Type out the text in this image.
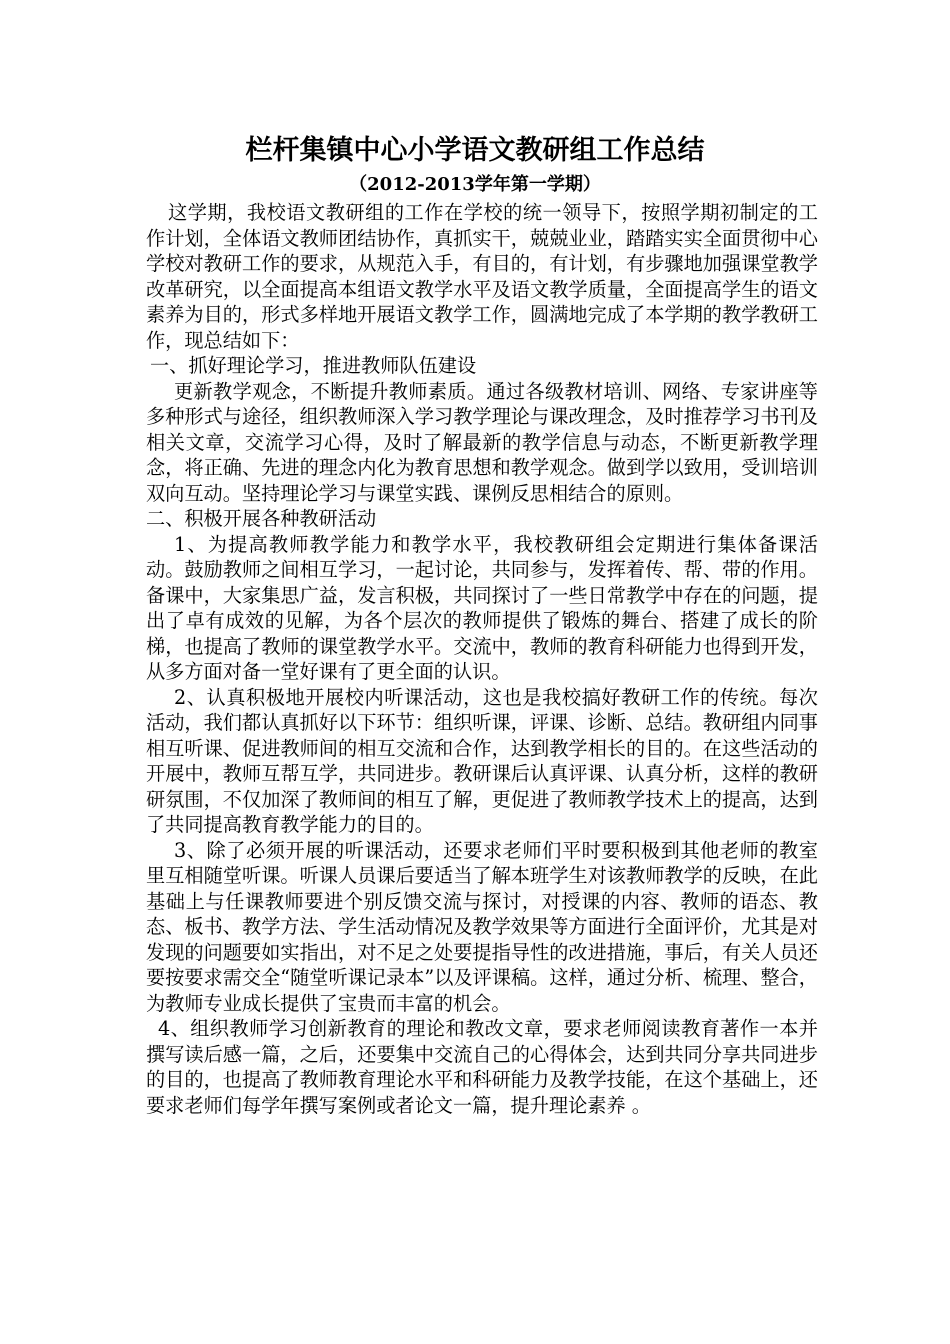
栏杆集镇中心小学语文教研组工作总结
（2012-2013学年第一学期）

这学期，我校语文教研组的工作在学校的统一领导下，按照学期初制定的工作计划，全体语文教师团结协作，真抓实干，兢兢业业，踏踏实实全面贯彻中心学校对教研工作的要求，从规范入手，有目的，有计划，有步骤地加强课堂教学改革研究，以全面提高本组语文教学水平及语文教学质量，全面提高学生的语文素养为目的，形式多样地开展语文教学工作，圆满地完成了本学期的教学教研工作，现总结如下：

一、抓好理论学习，推进教师队伍建设

更新教学观念，不断提升教师素质。通过各级教材培训、网络、专家讲座等多种形式与途径，组织教师深入学习教学理论与课改理念，及时推荐学习书刊及相关文章，交流学习心得，及时了解最新的教学信息与动态，不断更新教学理念，将正确、先进的理念内化为教育思想和教学观念。做到学以致用，受训培训双向互动。坚持理论学习与课堂实践、课例反思相结合的原则。

二、积极开展各种教研活动

1、为提高教师教学能力和教学水平，我校教研组会定期进行集体备课活动。鼓励教师之间相互学习，一起讨论，共同参与，发挥着传、帮、带的作用。备课中，大家集思广益，发言积极，共同探讨了一些日常教学中存在的问题，提出了卓有成效的见解，为各个层次的教师提供了锻炼的舞台、搭建了成长的阶梯，也提高了教师的课堂教学水平。交流中，教师的教育科研能力也得到开发，从多方面对备一堂好课有了更全面的认识。

2、认真积极地开展校内听课活动，这也是我校搞好教研工作的传统。每次活动，我们都认真抓好以下环节：组织听课，评课、诊断、总结。教研组内同事相互听课、促进教师间的相互交流和合作，达到教学相长的目的。在这些活动的开展中，教师互帮互学，共同进步。教研课后认真评课、认真分析，这样的教研研氛围，不仅加深了教师间的相互了解，更促进了教师教学技术上的提高，达到了共同提高教育教学能力的目的。

3、除了必须开展的听课活动，还要求老师们平时要积极到其他老师的教室里互相随堂听课。听课人员课后要适当了解本班学生对该教师教学的反映，在此基础上与任课教师要进个别反馈交流与探讨，对授课的内容、教师的语态、教态、板书、教学方法、学生活动情况及教学效果等方面进行全面评价，尤其是对发现的问题要如实指出，对不足之处要提指导性的改进措施，事后，有关人员还要按要求需交全“随堂听课记录本”以及评课稿。这样，通过分析、梳理、整合，为教师专业成长提供了宝贵而丰富的机会。

4、组织教师学习创新教育的理论和教改文章，要求老师阅读教育著作一本并撰写读后感一篇，之后，还要集中交流自己的心得体会，达到共同分享共同进步的目的，也提高了教师教育理论水平和科研能力及教学技能，在这个基础上，还要求老师们每学年撰写案例或者论文一篇，提升理论素养 。
